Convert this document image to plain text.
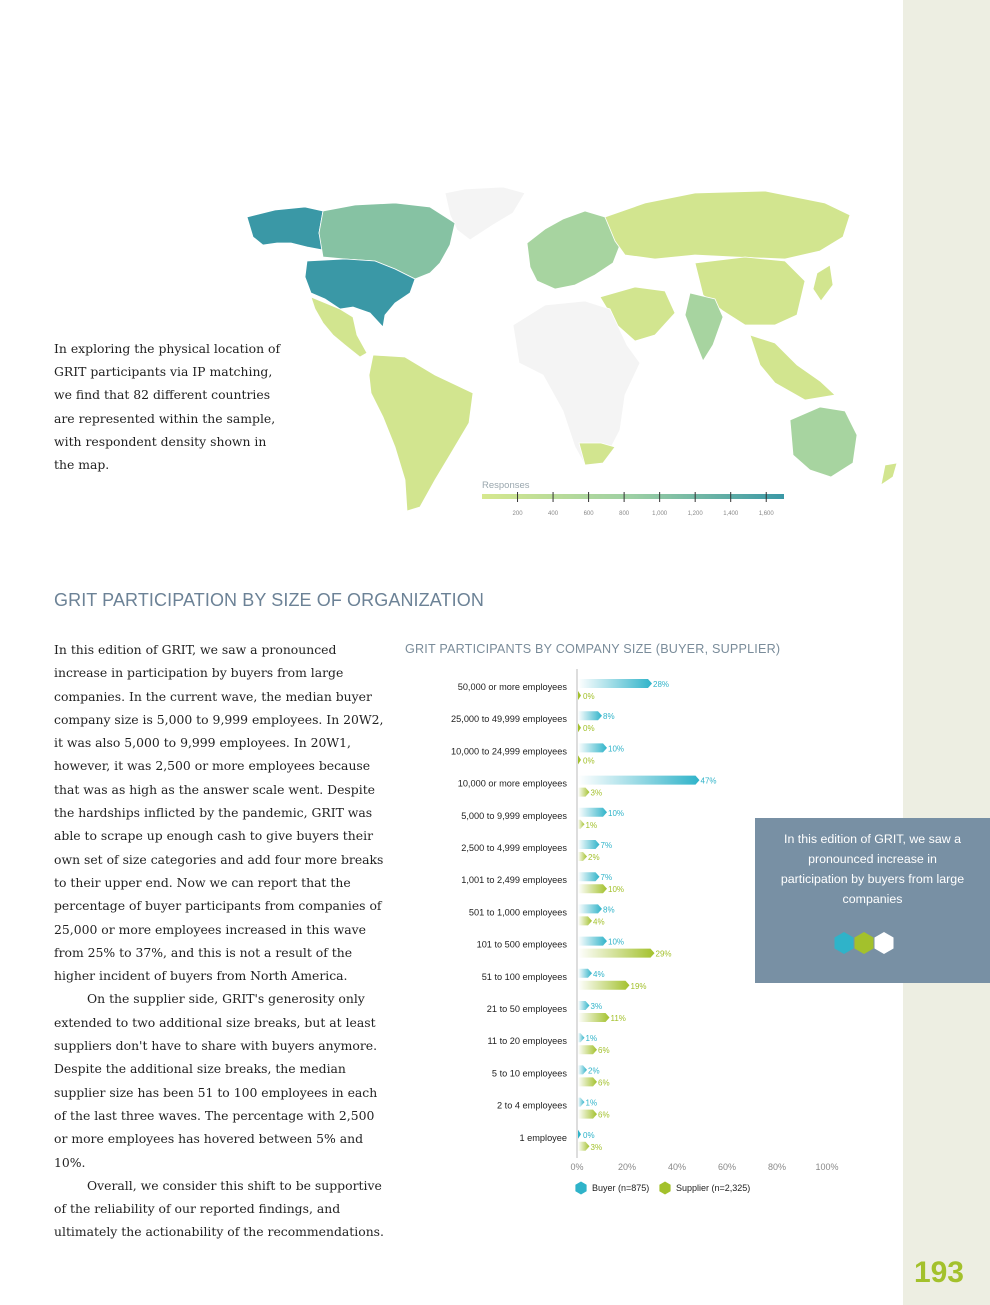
193
In exploring the physical location of
GRIT participants via IP matching,
we find that 82 different countries
are represented within the sample,
with respondent density shown in
the map.
Responses
200	400	600	800	1,000	1,200	1,400	1,600
GRIT PARTICIPATION BY SIZE OF ORGANIZATION

In this edition of GRIT, we saw a pronounced increase in participation by buyers from large companies. In the current wave, the median buyer company size is 5,000 to 9,999 employees. In 20W2, it was also 5,000 to 9,999 employees. In 20W1, however, it was 2,500 or more employees because that was as high as the answer scale went. Despite the hardships inflicted by the pandemic, GRIT was able to scrape up enough cash to give buyers their own set of size categories and add four more breaks to their upper end. Now we can report that the percentage of buyer participants from companies of 25,000 or more employees increased in this wave from 25% to 37%, and this is not a result of the higher incident of buyers from North America.

On the supplier side, GRIT's generosity only extended to two additional size breaks, but at least suppliers don't have to share with buyers anymore. Despite the additional size breaks, the median supplier size has been 51 to 100 employees in each of the last three waves. The percentage with 2,500 or more employees has hovered between 5% and 10%.

Overall, we consider this shift to be supportive of the reliability of our reported findings, and ultimately the actionability of the recommendations.

GRIT PARTICIPANTS BY COMPANY SIZE (BUYER, SUPPLIER)
50,000 or more employees	28%
0%
25,000 to 49,999 employees	8%
0%
10,000 to 24,999 employees	10%
0%
10,000 or more employees	47%
3%
5,000 to 9,999 employees	10%
1%
2,500 to 4,999 employees	7%
2%
1,001 to 2,499 employees	7%
10%
501 to 1,000 employees	8%
4%
101 to 500 employees	10%
29%
51 to 100 employees	4%
19%
21 to 50 employees	3%
11%
11 to 20 employees 1%
6%
5 to 10 employees	2%
6%
2 to 4 employees 1%
6%
1 employee 0%
3%
0%	20%	40%	60%	80%	100%
Buyer (n=875)	Supplier (n=2,325)
In this edition of GRIT, we saw a pronounced increase in participation by buyers from large companies
